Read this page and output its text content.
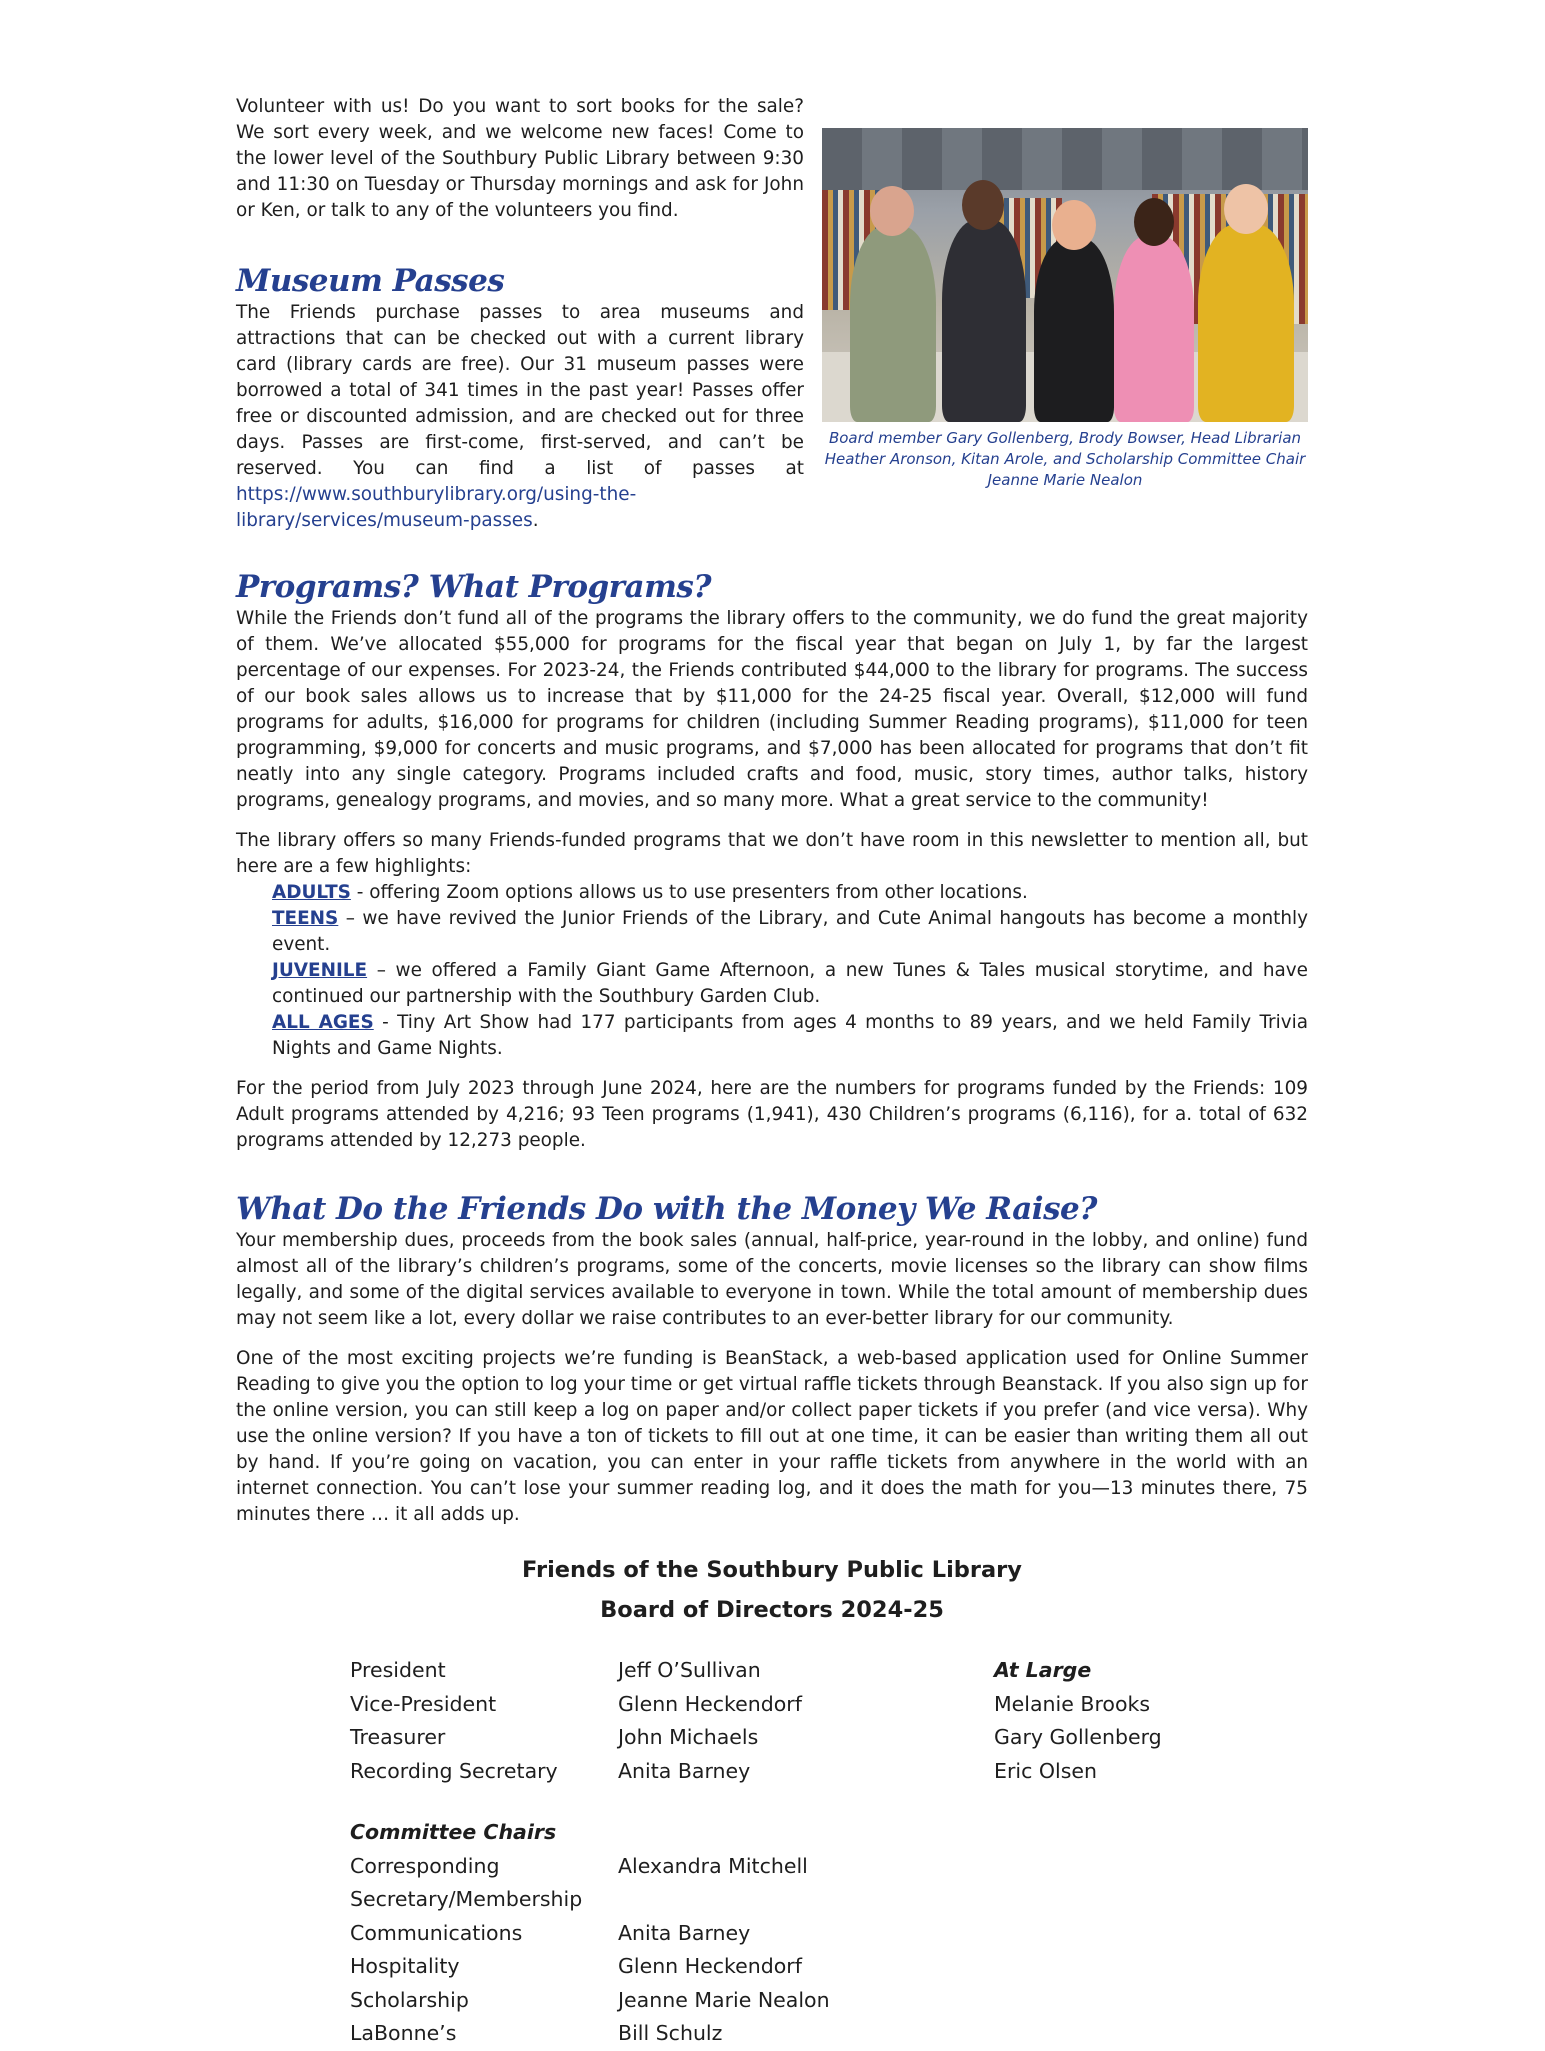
Board member Gary Gollenberg, Brody Bowser, Head Librarian Heather Aronson, Kitan Arole, and Scholarship Committee Chair Jeanne Marie Nealon

Volunteer with us! Do you want to sort books for the sale? We sort every week, and we welcome new faces! Come to the lower level of the Southbury Public Library between 9:30 and 11:30 on Tuesday or Thursday mornings and ask for John or Ken, or talk to any of the volunteers you find.

Museum Passes

The Friends purchase passes to area museums and attractions that can be checked out with a current library card (library cards are free). Our 31 museum passes were borrowed a total of 341 times in the past year! Passes offer free or discounted admission, and are checked out for three days. Passes are first-come, first-served, and can’t be reserved. You can find a list of passes at https://www.southburylibrary.org/using-the-library/services/museum-passes.

Programs? What Programs?

While the Friends don’t fund all of the programs the library offers to the community, we do fund the great majority of them. We’ve allocated $55,000 for programs for the fiscal year that began on July 1, by far the largest percentage of our expenses. For 2023-24, the Friends contributed $44,000 to the library for programs. The success of our book sales allows us to increase that by $11,000 for the 24-25 fiscal year. Overall, $12,000 will fund programs for adults, $16,000 for programs for children (including Summer Reading programs), $11,000 for teen programming, $9,000 for concerts and music programs, and $7,000 has been allocated for programs that don’t fit neatly into any single category. Programs included crafts and food, music, story times, author talks, history programs, genealogy programs, and movies, and so many more. What a great service to the community!

The library offers so many Friends-funded programs that we don’t have room in this newsletter to mention all, but here are a few highlights:

ADULTS - offering Zoom options allows us to use presenters from other locations.

TEENS – we have revived the Junior Friends of the Library, and Cute Animal hangouts has become a monthly event.

JUVENILE – we offered a Family Giant Game Afternoon, a new Tunes & Tales musical storytime, and have continued our partnership with the Southbury Garden Club.

ALL AGES - Tiny Art Show had 177 participants from ages 4 months to 89 years, and we held Family Trivia Nights and Game Nights.

For the period from July 2023 through June 2024, here are the numbers for programs funded by the Friends: 109 Adult programs attended by 4,216; 93 Teen programs (1,941), 430 Children’s programs (6,116), for a. total of 632 programs attended by 12,273 people.

What Do the Friends Do with the Money We Raise?

Your membership dues, proceeds from the book sales (annual, half-price, year-round in the lobby, and online) fund almost all of the library’s children’s programs, some of the concerts, movie licenses so the library can show films legally, and some of the digital services available to everyone in town. While the total amount of membership dues may not seem like a lot, every dollar we raise contributes to an ever-better library for our community.

One of the most exciting projects we’re funding is BeanStack, a web-based application used for Online Summer Reading to give you the option to log your time or get virtual raffle tickets through Beanstack. If you also sign up for the online version, you can still keep a log on paper and/or collect paper tickets if you prefer (and vice versa). Why use the online version? If you have a ton of tickets to fill out at one time, it can be easier than writing them all out by hand. If you’re going on vacation, you can enter in your raffle tickets from anywhere in the world with an internet connection. You can’t lose your summer reading log, and it does the math for you—13 minutes there, 75 minutes there … it all adds up.

Friends of the Southbury Public Library
Board of Directors 2024-25
President	Jeff O’Sullivan	At Large
Vice-President	Glenn Heckendorf	Melanie Brooks
Treasurer	John Michaels	Gary Gollenberg
Recording Secretary	Anita Barney	Eric Olsen
Committee Chairs
Corresponding	Alexandra Mitchell
Secretary/Membership
Communications	Anita Barney
Hospitality	Glenn Heckendorf
Scholarship	Jeanne Marie Nealon
LaBonne’s	Bill Schulz
